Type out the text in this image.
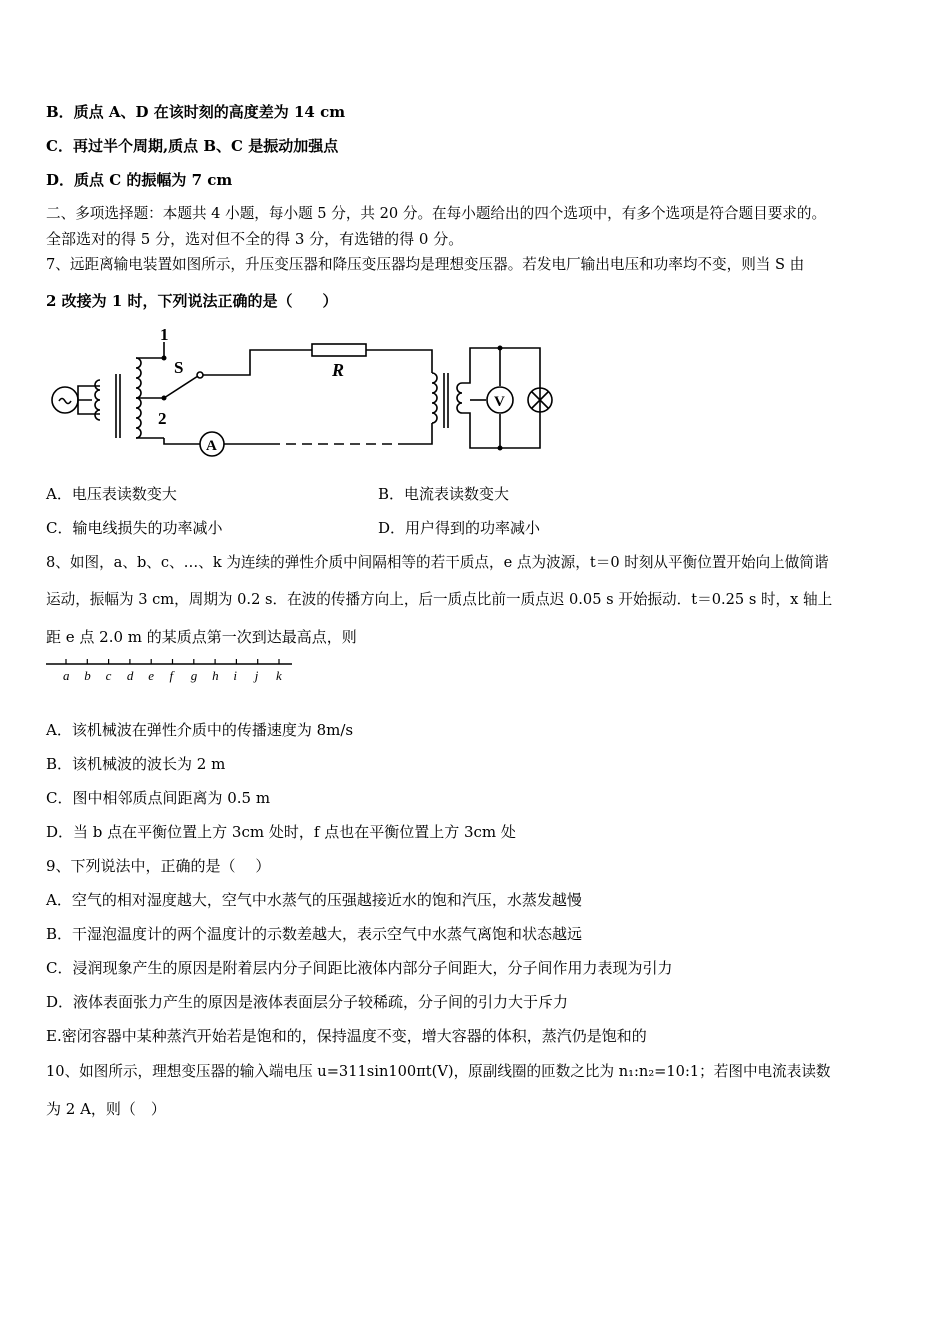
B．质点 A、D 在该时刻的高度差为 14 cm
C．再过半个周期,质点 B、C 是振动加强点
D．质点 C 的振幅为 7 cm
二、多项选择题：本题共 4 小题，每小题 5 分，共 20 分。在每小题给出的四个选项中，有多个选项是符合题目要求的。
全部选对的得 5 分，选对但不全的得 3 分，有选错的得 0 分。
7、远距离输电装置如图所示，升压变压器和降压变压器均是理想变压器。若发电厂输出电压和功率均不变，则当 S 由
2 改接为 1 时，下列说法正确的是（　　）
1
S
2
R
A
V
A．电压表读数变大	B．电流表读数变大
C．输电线损失的功率减小	D．用户得到的功率减小
8、如图，a、b、c、…、k 为连续的弹性介质中间隔相等的若干质点，e 点为波源，t＝0 时刻从平衡位置开始向上做简谐
运动，振幅为 3 cm，周期为 0.2 s．在波的传播方向上，后一质点比前一质点迟 0.05 s 开始振动．t＝0.25 s 时，x 轴上
距 e 点 2.0 m 的某质点第一次到达最高点，则
a b c d e f g h i j k
A．该机械波在弹性介质中的传播速度为 8m/s
B．该机械波的波长为 2 m
C．图中相邻质点间距离为 0.5 m
D．当 b 点在平衡位置上方 3cm 处时，f 点也在平衡位置上方 3cm 处
9、下列说法中，正确的是（　 ）
A．空气的相对湿度越大，空气中水蒸气的压强越接近水的饱和汽压，水蒸发越慢
B．干湿泡温度计的两个温度计的示数差越大，表示空气中水蒸气离饱和状态越远
C．浸润现象产生的原因是附着层内分子间距比液体内部分子间距大，分子间作用力表现为引力
D．液体表面张力产生的原因是液体表面层分子较稀疏，分子间的引力大于斥力
E.密闭容器中某种蒸汽开始若是饱和的，保持温度不变，增大容器的体积，蒸汽仍是饱和的
10、如图所示，理想变压器的输入端电压 u=311sin100πt(V)，原副线圈的匝数之比为 n₁:n₂=10:1；若图中电流表读数
为 2 A，则（　）
